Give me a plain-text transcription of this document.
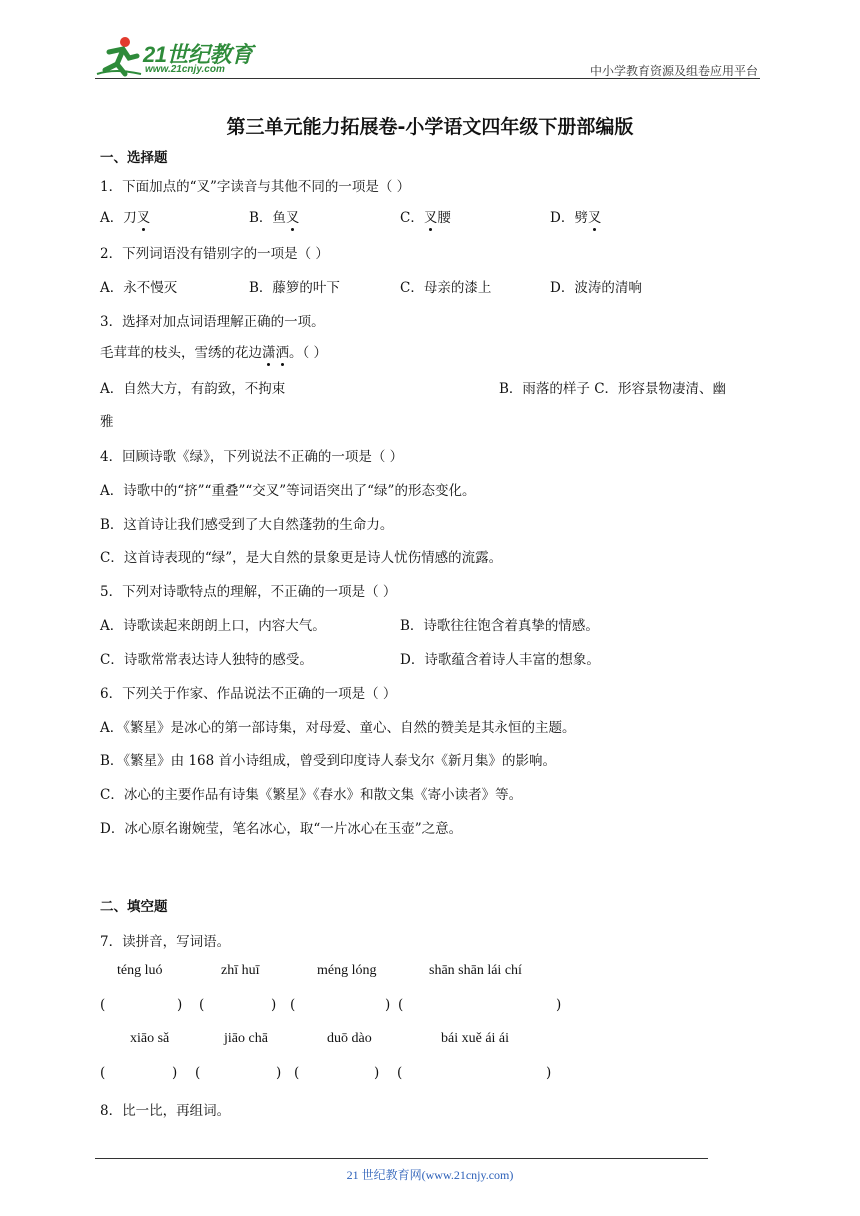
21世纪教育
www.21cnjy.com	中小学教育资源及组卷应用平台
第三单元能力拓展卷-小学语文四年级下册部编版
一、选择题
1．下面加点的“叉”字读音与其他不同的一项是（ ）
A．刀叉	B．鱼叉	C．叉腰	D．劈叉
2．下列词语没有错别字的一项是（ ）
A．永不慢灭	B．藤箩的叶下	C．母亲的漆上	D．波涛的清响
3．选择对加点词语理解正确的一项。
毛茸茸的枝头，雪绣的花边潇洒。（ ）
A．自然大方，有韵致，不拘束	B．雨落的样子 C．形容景物凄清、幽
雅
4．回顾诗歌《绿》，下列说法不正确的一项是（ ）
A．诗歌中的“挤”“重叠”“交叉”等词语突出了“绿”的形态变化。
B．这首诗让我们感受到了大自然蓬勃的生命力。
C．这首诗表现的“绿”，是大自然的景象更是诗人忧伤情感的流露。
5．下列对诗歌特点的理解，不正确的一项是（ ）
A．诗歌读起来朗朗上口，内容大气。	B．诗歌往往饱含着真挚的情感。
C．诗歌常常表达诗人独特的感受。	D．诗歌蕴含着诗人丰富的想象。
6．下列关于作家、作品说法不正确的一项是（ ）
A．《繁星》是冰心的第一部诗集，对母爱、童心、自然的赞美是其永恒的主题。
B．《繁星》由 168 首小诗组成，曾受到印度诗人泰戈尔《新月集》的影响。
C．冰心的主要作品有诗集《繁星》《春水》和散文集《寄小读者》等。
D．冰心原名谢婉莹，笔名冰心，取“一片冰心在玉壶”之意。
二、填空题
7．读拼音，写词语。
téng luó	zhī huī	méng lóng	shān shān lái chí
(	) (	) (	) (	)
xiāo sǎ	jiāo chā	duō dào	bái xuě ái ái
(	) (	) (	) (	)
8．比一比，再组词。
21 世纪教育网(www.21cnjy.com)
